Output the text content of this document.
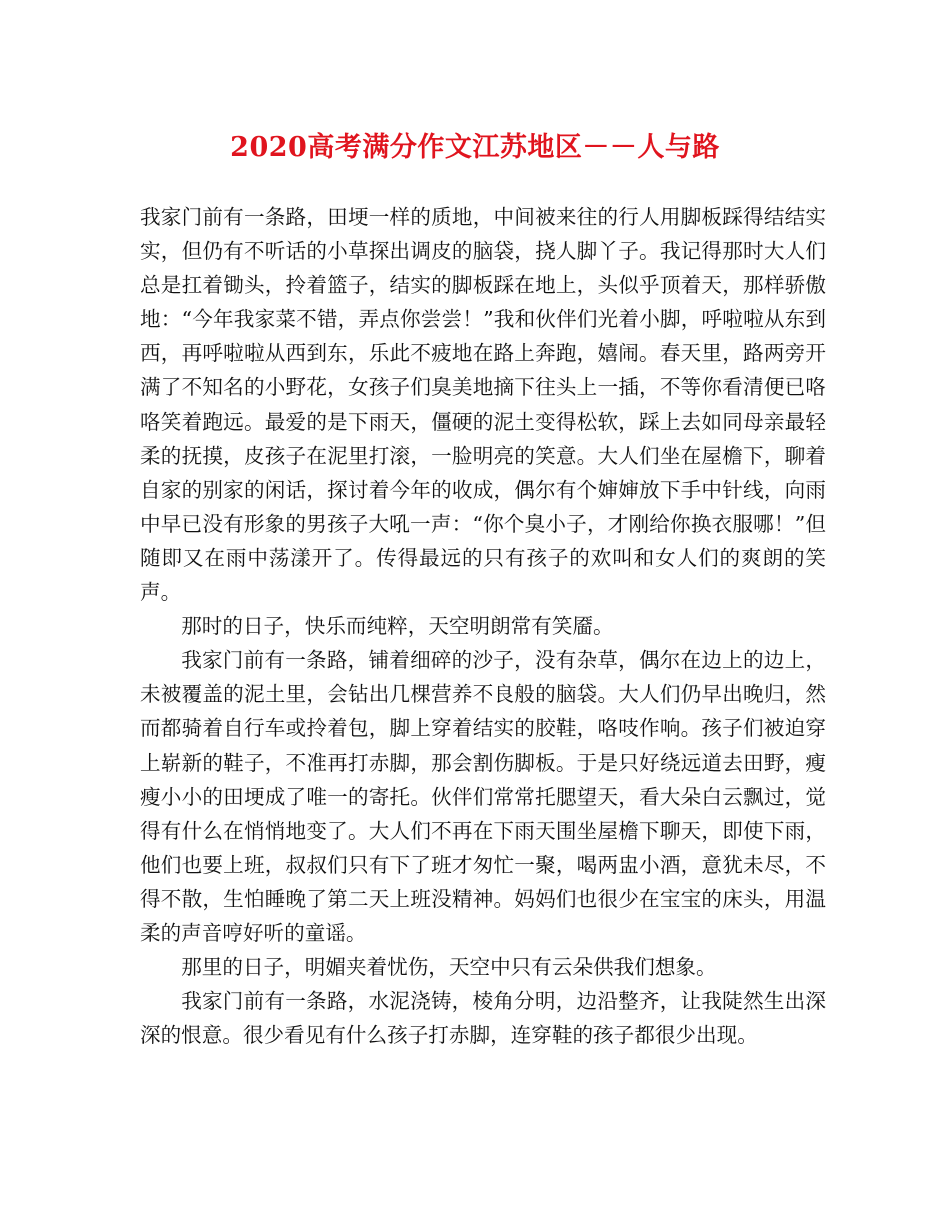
2020高考满分作文江苏地区－－人与路

我家门前有一条路，田埂一样的质地，中间被来往的行人用脚板踩得结结实实，但仍有不听话的小草探出调皮的脑袋，挠人脚丫子。我记得那时大人们总是扛着锄头，拎着篮子，结实的脚板踩在地上，头似乎顶着天，那样骄傲地：“今年我家菜不错，弄点你尝尝！”我和伙伴们光着小脚，呼啦啦从东到西，再呼啦啦从西到东，乐此不疲地在路上奔跑，嬉闹。春天里，路两旁开满了不知名的小野花，女孩子们臭美地摘下往头上一插，不等你看清便已咯咯笑着跑远。最爱的是下雨天，僵硬的泥土变得松软，踩上去如同母亲最轻柔的抚摸，皮孩子在泥里打滚，一脸明亮的笑意。大人们坐在屋檐下，聊着自家的别家的闲话，探讨着今年的收成，偶尔有个婶婶放下手中针线，向雨中早已没有形象的男孩子大吼一声：“你个臭小子，才刚给你换衣服哪！”但随即又在雨中荡漾开了。传得最远的只有孩子的欢叫和女人们的爽朗的笑声。

那时的日子，快乐而纯粹，天空明朗常有笑靥。

我家门前有一条路，铺着细碎的沙子，没有杂草，偶尔在边上的边上，未被覆盖的泥土里，会钻出几棵营养不良般的脑袋。大人们仍早出晚归，然而都骑着自行车或拎着包，脚上穿着结实的胶鞋，咯吱作响。孩子们被迫穿上崭新的鞋子，不准再打赤脚，那会割伤脚板。于是只好绕远道去田野，瘦瘦小小的田埂成了唯一的寄托。伙伴们常常托腮望天，看大朵白云飘过，觉得有什么在悄悄地变了。大人们不再在下雨天围坐屋檐下聊天，即使下雨，他们也要上班，叔叔们只有下了班才匆忙一聚，喝两盅小酒，意犹未尽，不得不散，生怕睡晚了第二天上班没精神。妈妈们也很少在宝宝的床头，用温柔的声音哼好听的童谣。

那里的日子，明媚夹着忧伤，天空中只有云朵供我们想象。

我家门前有一条路，水泥浇铸，棱角分明，边沿整齐，让我陡然生出深深的恨意。很少看见有什么孩子打赤脚，连穿鞋的孩子都很少出现。
